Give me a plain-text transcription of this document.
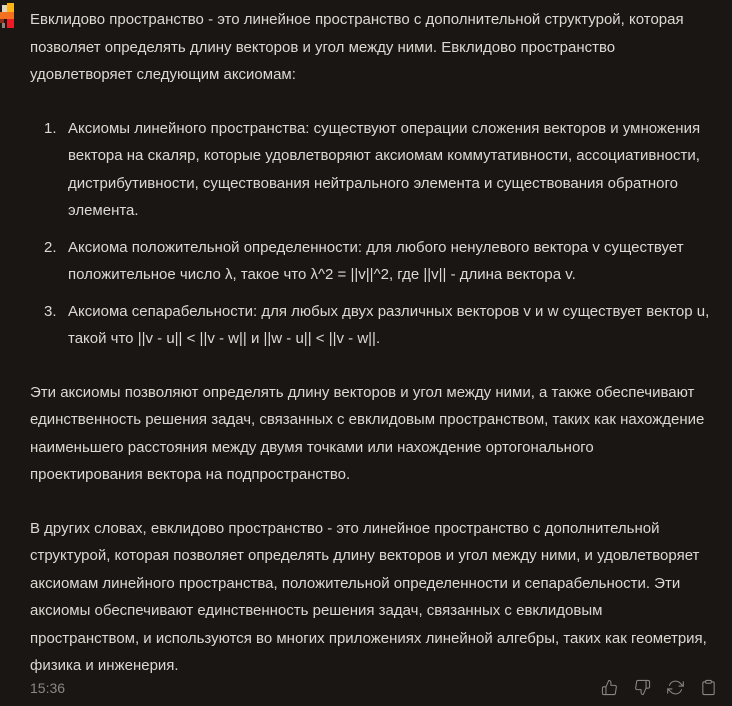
Евклидово пространство - это линейное пространство с дополнительной структурой, которая позволяет определять длину векторов и угол между ними. Евклидово пространство удовлетворяет следующим аксиомам:

1. Аксиомы линейного пространства: существуют операции сложения векторов и умножения вектора на скаляр, которые удовлетворяют аксиомам коммутативности, ассоциативности, дистрибутивности, существования нейтрального элемента и существования обратного элемента.
2. Аксиома положительной определенности: для любого ненулевого вектора v существует положительное число λ, такое что λ^2 = ||v||^2, где ||v|| - длина вектора v.
3. Аксиома сепарабельности: для любых двух различных векторов v и w существует вектор u, такой что ||v - u|| < ||v - w|| и ||w - u|| < ||v - w||.

Эти аксиомы позволяют определять длину векторов и угол между ними, а также обеспечивают единственность решения задач, связанных с евклидовым пространством, таких как нахождение наименьшего расстояния между двумя точками или нахождение ортогонального проектирования вектора на подпространство.

В других словах, евклидово пространство - это линейное пространство с дополнительной структурой, которая позволяет определять длину векторов и угол между ними, и удовлетворяет аксиомам линейного пространства, положительной определенности и сепарабельности. Эти аксиомы обеспечивают единственность решения задач, связанных с евклидовым пространством, и используются во многих приложениях линейной алгебры, таких как геометрия, физика и инженерия.

15:36
